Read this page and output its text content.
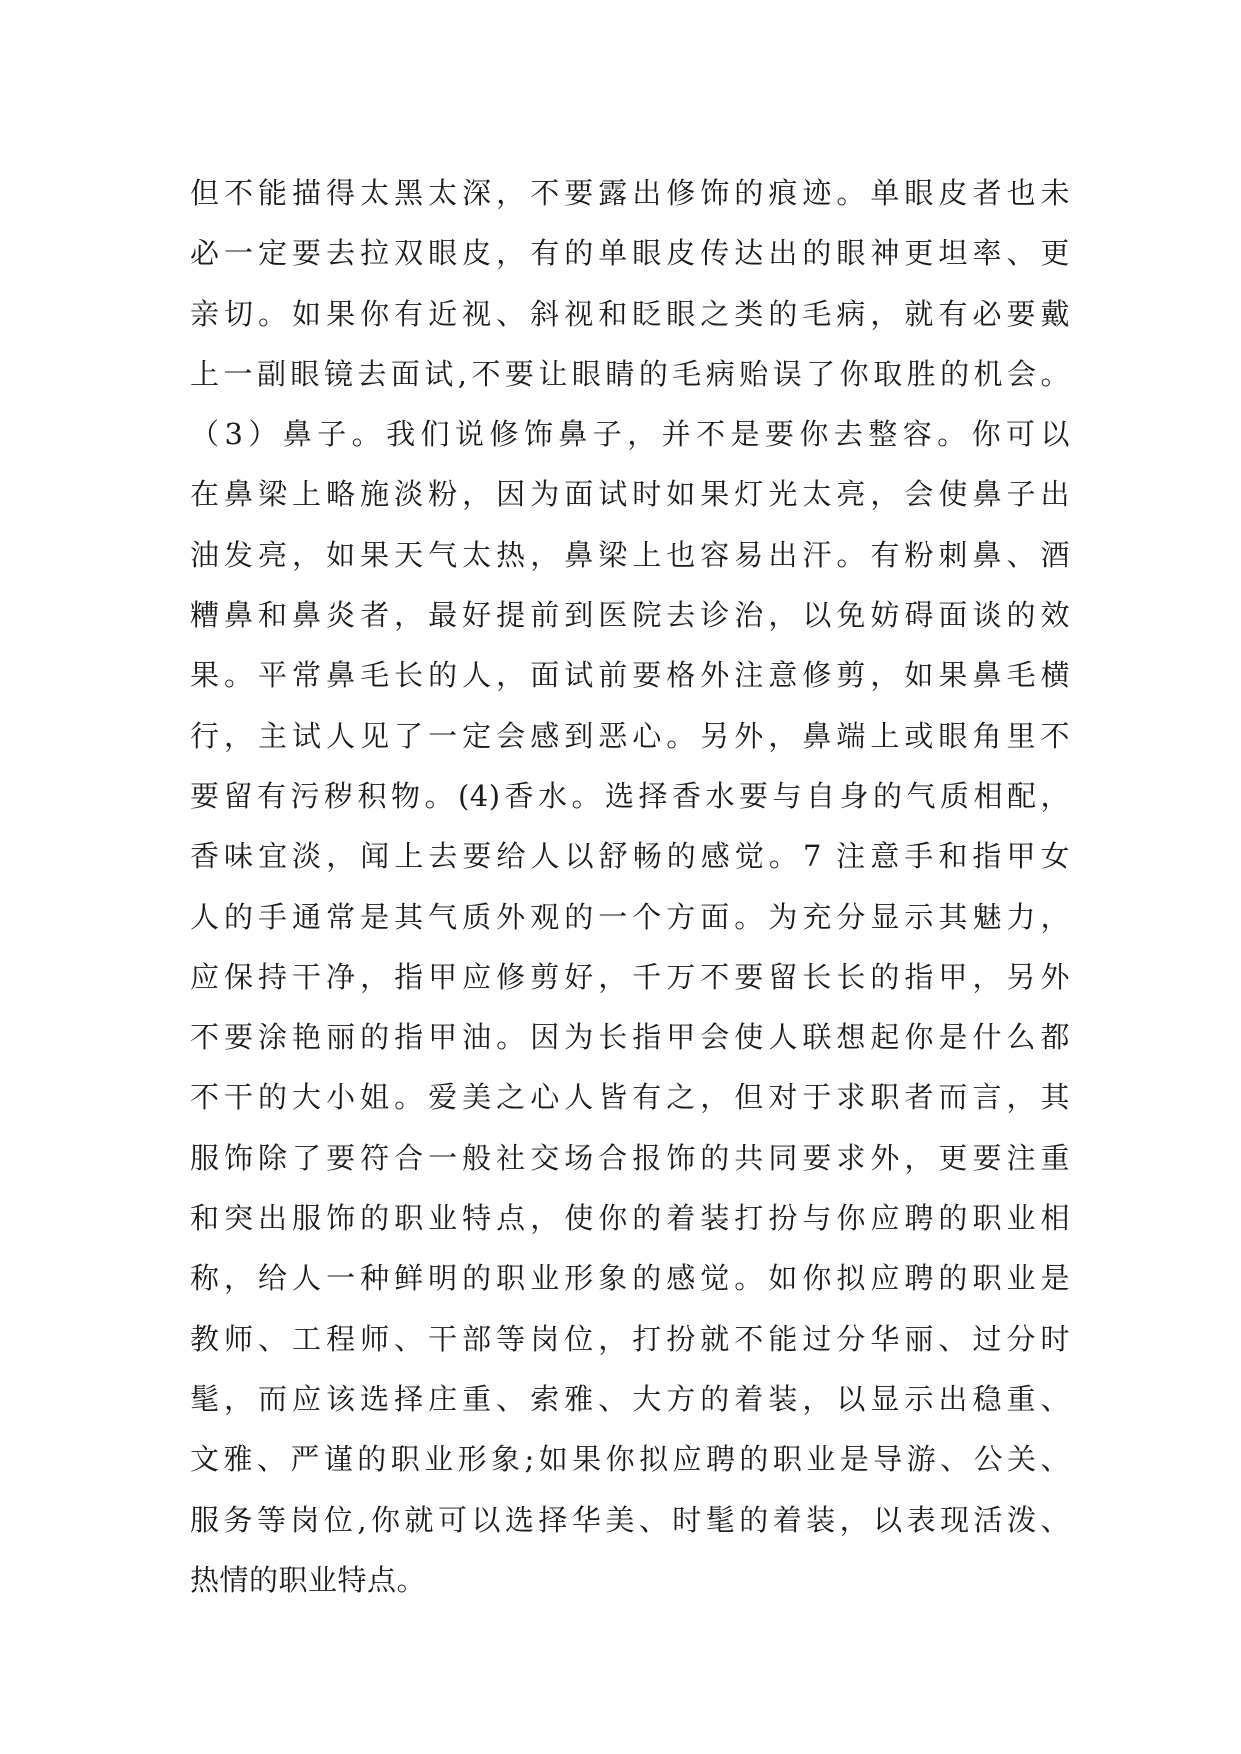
但不能描得太黑太深，不要露出修饰的痕迹。单眼皮者也未
必一定要去拉双眼皮，有的单眼皮传达出的眼神更坦率、更
亲切。如果你有近视、斜视和眨眼之类的毛病，就有必要戴
上一副眼镜去面试,不要让眼睛的毛病贻误了你取胜的机会。
（3）鼻子。我们说修饰鼻子，并不是要你去整容。你可以
在鼻梁上略施淡粉，因为面试时如果灯光太亮，会使鼻子出
油发亮，如果天气太热，鼻梁上也容易出汗。有粉刺鼻、酒
糟鼻和鼻炎者，最好提前到医院去诊治，以免妨碍面谈的效
果。平常鼻毛长的人，面试前要格外注意修剪，如果鼻毛横
行，主试人见了一定会感到恶心。另外，鼻端上或眼角里不
要留有污秽积物。(4)香水。选择香水要与自身的气质相配，
香味宜淡，闻上去要给人以舒畅的感觉。7 注意手和指甲女
人的手通常是其气质外观的一个方面。为充分显示其魅力，
应保持干净，指甲应修剪好，千万不要留长长的指甲，另外
不要涂艳丽的指甲油。因为长指甲会使人联想起你是什么都
不干的大小姐。爱美之心人皆有之，但对于求职者而言，其
服饰除了要符合一般社交场合报饰的共同要求外，更要注重
和突出服饰的职业特点，使你的着装打扮与你应聘的职业相
称，给人一种鲜明的职业形象的感觉。如你拟应聘的职业是
教师、工程师、干部等岗位，打扮就不能过分华丽、过分时
髦，而应该选择庄重、索雅、大方的着装，以显示出稳重、
文雅、严谨的职业形象;如果你拟应聘的职业是导游、公关、
服务等岗位,你就可以选择华美、时髦的着装，以表现活泼、
热情的职业特点。
